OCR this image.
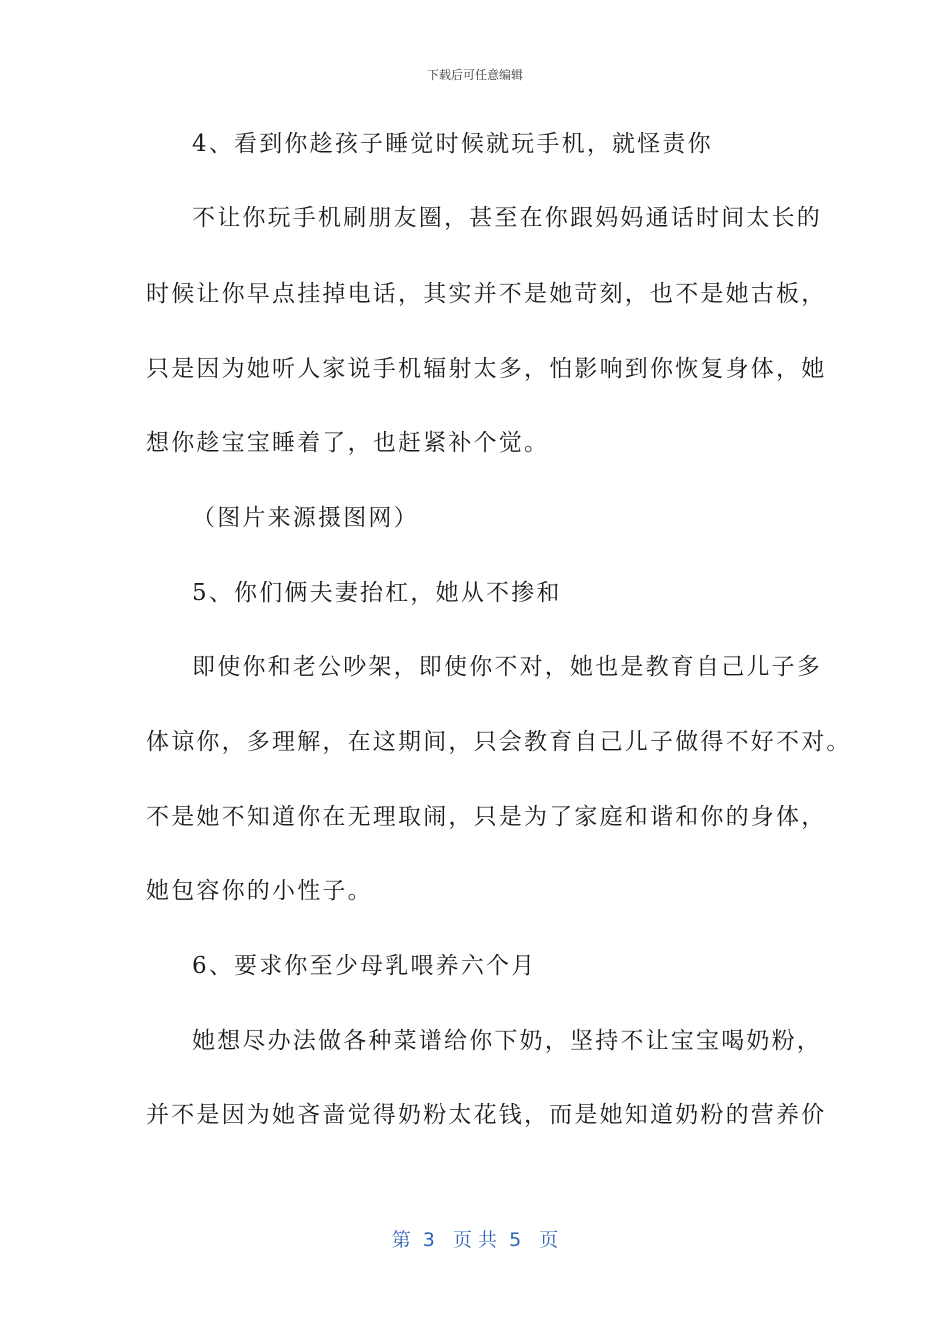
下载后可任意编辑
4、看到你趁孩子睡觉时候就玩手机，就怪责你
不让你玩手机刷朋友圈，甚至在你跟妈妈通话时间太长的
时候让你早点挂掉电话，其实并不是她苛刻，也不是她古板，
只是因为她听人家说手机辐射太多，怕影响到你恢复身体，她
想你趁宝宝睡着了，也赶紧补个觉。
（图片来源摄图网）
5、你们俩夫妻抬杠，她从不掺和
即使你和老公吵架，即使你不对，她也是教育自己儿子多
体谅你，多理解，在这期间，只会教育自己儿子做得不好不对。
不是她不知道你在无理取闹，只是为了家庭和谐和你的身体，
她包容你的小性子。
6、要求你至少母乳喂养六个月
她想尽办法做各种菜谱给你下奶，坚持不让宝宝喝奶粉，
并不是因为她吝啬觉得奶粉太花钱，而是她知道奶粉的营养价
第  3   页 共  5   页
